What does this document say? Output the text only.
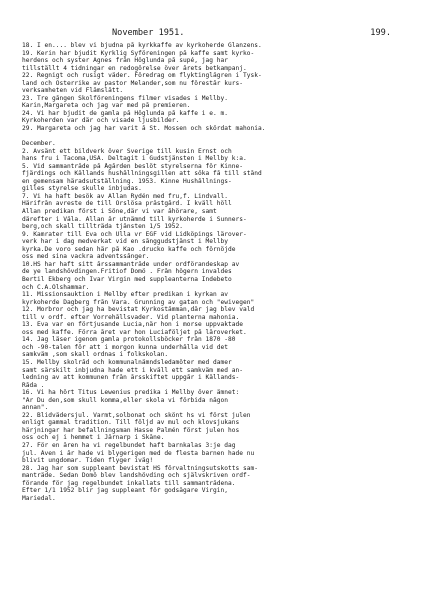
November 1951.	199.
18. I en.... blev vi bjudna på kyrkkaffe av kyrkoherde Glanzens.
19. Kerin har bjudit Kyrklig Syföreningen på kaffe samt kyrko-
herdens och syster Agnes från Höglunda på supé, jag har
tillställt 4 tidningar en redogörelse över årets betkampanj.
22. Regnigt och rusigt väder. Föredrag om flyktinglägren i Tysk-
land och Österrike av pastor Melander,som nu förestår kurs-
verksamheten vid Flämslätt.
23. Tre gången Skolföreningens filmer visades i Mellby.
Karin,Margareta och jag var med på premieren.
24. Vi har bjudit de gamla på Höglunda på kaffe i e. m.
Kyrkoherden var där och visade ljusbilder.
29. Margareta och jag har varit å St. Mossen och skördat mahonia.
December.
2. Avsänt ett bildverk över Sverige till kusin Ernst och
hans fru i Tacoma,USA. Deltagit i Gudstjänsten i Mellby k:a.
5. Vid sammanträde på Ågården beslöt styrelserna för Kinne-
fjärdings och Källands hushållningsgillen att söka få till stånd
en gemensam häradsutställning. 1953. Kinne Hushållnings-
gilles styrelse skulle inbjudas.
7. Vi ha haft besök av Allan Rydén med fru,f. Lindvall.
Härifrån avreste de till Örslösa prästgård. I kväll höll
Allan predikan först i Söne,där vi var åhörare, samt
därefter i Väla. Allan är utnämnd till kyrkoherde i Sunners-
berg,och skall tillträda tjänsten 1/5 1952.
9. Kamrater till Eva och Ulla vr EGF vid Lidköpings lärover-
verk har i dag medverkat vid en sånggudstjänst i Mellby
kyrka.De voro sedan här på Kao .drucko kaffe och förnöjde
oss med sina vackra adventssånger.
10.HS har haft sitt årssammanträde under ordförandeskap av
de ye landshövdingen.Fritiof Domö . Från högern invaldes
Bertil Ekberg och Ivar Virgin med suppleanterna Indebeto
och C.A.Olshammar.
11. Missionsauktion i Mellby efter predikan i kyrkan av
kyrkoherde Dagberg från Vara. Grunning av gatan och "ewivegen"
12. Morbror och jag ha bevistat Kyrkostämman,där jag blev vald
till v ordf. efter Vorrehållsvader. Vid planterna mahonia.
13. Eva var en förtjusande Lucia,när hon i morse uppvaktade
oss med kaffe. Förra året var hon Luciaföljet på läroverket.
14. Jag läser igenom gamla protokollsböcker från 1870 -80
och -90-talen för att i morgon kunna underhålla vid det
samkväm ,som skall ordnas i folkskolan.
15. Mellby skolråd och kommunalnämndsledamöter med damer
samt särskilt inbjudna hade ett i kväll ett samkväm med an-
ledning av att kommunen från årsskiftet uppgår i Källands-
Råda .
16. Vi ha hört Titus Lewenius predika i Mellby över ämnet:
"Är Du den,som skull komma,eller skola vi förbida någon
annan".
22. Blidvädersjul. Varmt,solbonat och skönt hs vi först julen
enligt gammal tradition. Till följd av mul och klovsjukans
härjningar har befallningsman Hasse Palmén först julen hos
oss och ej i hemmet i Järnarp i Skåne.
27. För en åren ha vi regelbundet haft barnkalas 3:je dag
jul. Även i år hade vi blygerigen med de flesta barnen hade nu
blivit ungdomar. Tiden flyger iväg!
28. Jag har som suppleant bevistat HS förvaltningsutskotts sam-
manträde. Sedan Domö blev landshövding och självskriven ordf-
förande för jag regelbundet inkallats till sammanträdena.
Efter 1/1 1952 blir jag suppleant för godsägare Virgin,
Mariedal.
